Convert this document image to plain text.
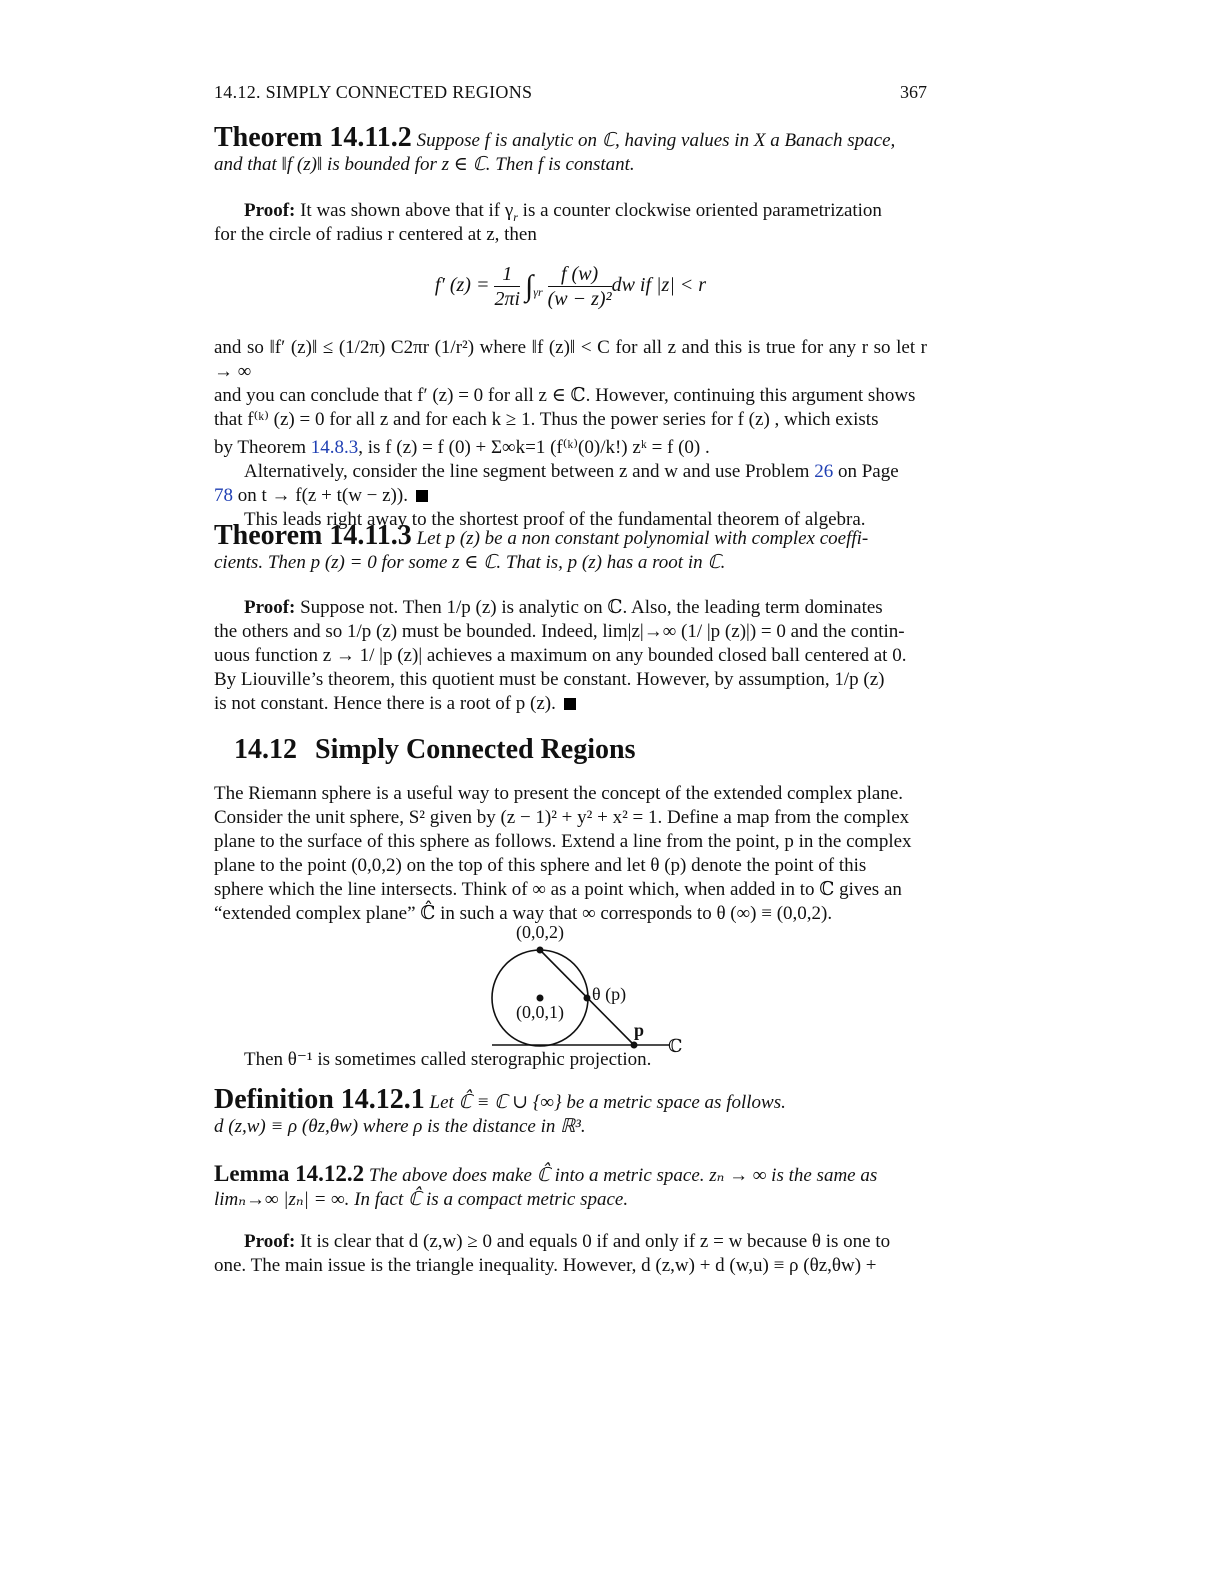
14.12. SIMPLY CONNECTED REGIONS	367

Theorem 14.11.2 Suppose f is analytic on ℂ, having values in X a Banach space,

and that ‖f (z)‖ is bounded for z ∈ ℂ. Then f is constant.

Proof: It was shown above that if $\gamma_r$ is a counter clockwise oriented parametrization

for the circle of radius r centered at z, then

f′ $(z) = \frac{1}{2\pi i} \int_{\gamma r} \frac{f (w)}{\text{(w − z)²}}$ dw if |z| < r

and so ‖f′ (z)‖ ≤ (1/2π) C2πr (1/r²) where ‖f (z)‖ < C for all z and this is true for any r so let r → ∞

and you can conclude that f′ (z) = 0 for all z ∈ ℂ. However, continuing this argument shows

that f⁽ᵏ⁾ (z) = 0 for all z and for each k ≥ 1. Thus the power series for f (z) , which exists

by Theorem 14.8.3, is f (z) = f (0) + Σ∞k=1 (f⁽ᵏ⁾(0)/k!) zᵏ = f (0) .

Alternatively, consider the line segment between z and w and use Problem 26 on Page

78 on t → f(z + t(w − z)).

This leads right away to the shortest proof of the fundamental theorem of algebra.

Theorem 14.11.3 Let p (z) be a non constant polynomial with complex coeffi-

cients. Then p (z) = 0 for some z ∈ ℂ. That is, p (z) has a root in ℂ.

Proof: Suppose not. Then 1/p (z) is analytic on ℂ. Also, the leading term dominates

the others and so 1/p (z) must be bounded. Indeed, lim|z|→∞ (1/ |p (z)|) = 0 and the contin-

uous function z → 1/ |p (z)| achieves a maximum on any bounded closed ball centered at 0.

By Liouville’s theorem, this quotient must be constant. However, by assumption, 1/p (z)

is not constant. Hence there is a root of p (z).

14.12 Simply Connected Regions

The Riemann sphere is a useful way to present the concept of the extended complex plane.

Consider the unit sphere, S² given by (z − 1)² + y² + x² = 1. Define a map from the complex

plane to the surface of this sphere as follows. Extend a line from the point, p in the complex

plane to the point (0,0,2) on the top of this sphere and let θ (p) denote the point of this

sphere which the line intersects. Think of ∞ as a point which, when added in to ℂ gives an

“extended complex plane” ℂ̂ in such a way that ∞ corresponds to θ (∞) ≡ (0,0,2).

(0,0,2)
(0,0,1)
θ (p)
p
ℂ

Then θ⁻¹ is sometimes called sterographic projection.

Definition 14.12.1 Let ℂ̂ ≡ ℂ ∪ {∞} be a metric space as follows.

d (z,w) ≡ ρ (θz,θw) where ρ is the distance in ℝ³.

Lemma 14.12.2 The above does make ℂ̂ into a metric space. zₙ → ∞ is the same as

limₙ→∞ |zₙ| = ∞. In fact ℂ̂ is a compact metric space.

Proof: It is clear that d (z,w) ≥ 0 and equals 0 if and only if z = w because θ is one to

one. The main issue is the triangle inequality. However, d (z,w) + d (w,u) ≡ ρ (θz,θw) +
